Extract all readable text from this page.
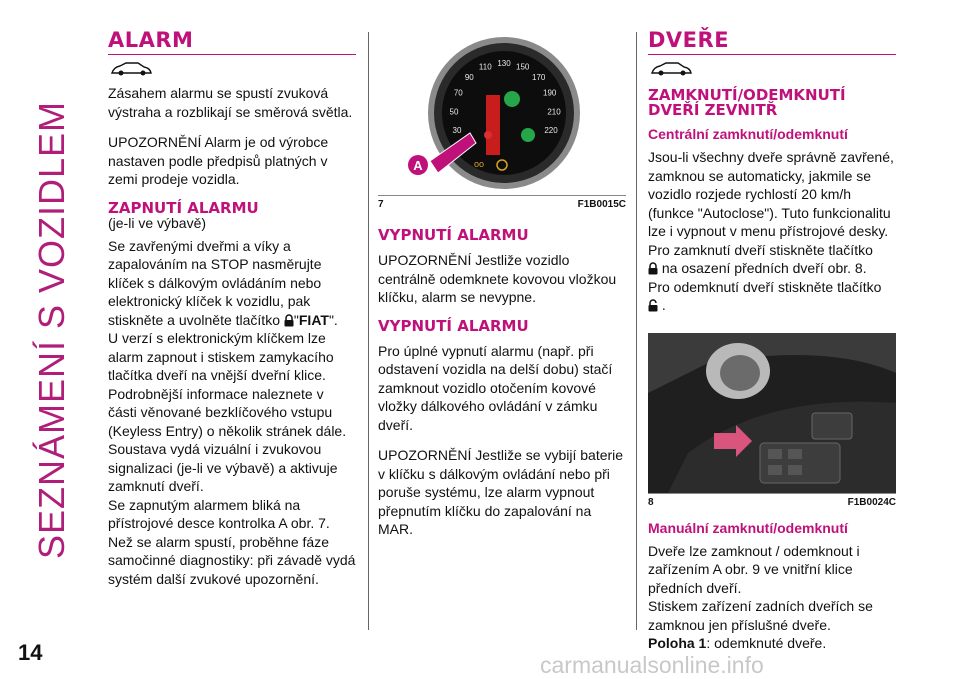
SEZNÁMENÍ S VOZIDLEM
14	carmanualsonline.info
ALARM

Zásahem alarmu se spustí zvuková výstraha a rozblikají se směrová světla.

UPOZORNĚNÍ Alarm je od výrobce nastaven podle předpisů platných v zemi prodeje vozidla.

ZAPNUTÍ ALARMU

(je-li ve výbavě)

Se zavřenými dveřmi a víky a zapalováním na STOP nasměrujte klíček s dálkovým ovládáním nebo elektronický klíček k vozidlu, pak stiskněte a uvolněte tlačítko "FIAT".

U verzí s elektronickým klíčkem lze alarm zapnout i stiskem zamykacího tlačítka dveří na vnější dveřní klice.

Podrobnější informace naleznete v části věnované bezklíčového vstupu (Keyless Entry) o několik stránek dále.

Soustava vydá vizuální i zvukovou signalizaci (je-li ve výbavě) a aktivuje zamknutí dveří.

Se zapnutým alarmem bliká na přístrojové desce kontrolka A obr. 7.

Než se alarm spustí, proběhne fáze samočinné diagnostiky: při závadě vydá systém další zvukové upozornění.

30
50
70
90
110 130 150
170
190
210
220
oo
A
7	F1B0015C
VYPNUTÍ ALARMU

UPOZORNĚNÍ Jestliže vozidlo centrálně odemknete kovovou vložkou klíčku, alarm se nevypne.

VYPNUTÍ ALARMU

Pro úplné vypnutí alarmu (např. při odstavení vozidla na delší dobu) stačí zamknout vozidlo otočením kovové vložky dálkového ovládání v zámku dveří.

UPOZORNĚNÍ Jestliže se vybijí baterie v klíčku s dálkovým ovládání nebo při poruše systému, lze alarm vypnout přepnutím klíčku do zapalování na MAR.

DVEŘE
ZAMKNUTÍ/ODEMKNUTÍ
DVEŘÍ ZEVNITŘ
Centrální zamknutí/odemknutí

Jsou-li všechny dveře správně zavřené, zamknou se automaticky, jakmile se vozidlo rozjede rychlostí 20 km/h (funkce "Autoclose"). Tuto funkcionalitu lze i vypnout v menu přístrojové desky.

Pro zamknutí dveří stiskněte tlačítko

na osazení předních dveří obr. 8.

Pro odemknutí dveří stiskněte tlačítko

.

8	F1B0024C
Manuální zamknutí/odemknutí

Dveře lze zamknout / odemknout i zařízením A obr. 9 ve vnitřní klice předních dveří.

Stiskem zařízení zadních dveřích se zamknou jen příslušné dveře.

Poloha 1: odemknuté dveře.
